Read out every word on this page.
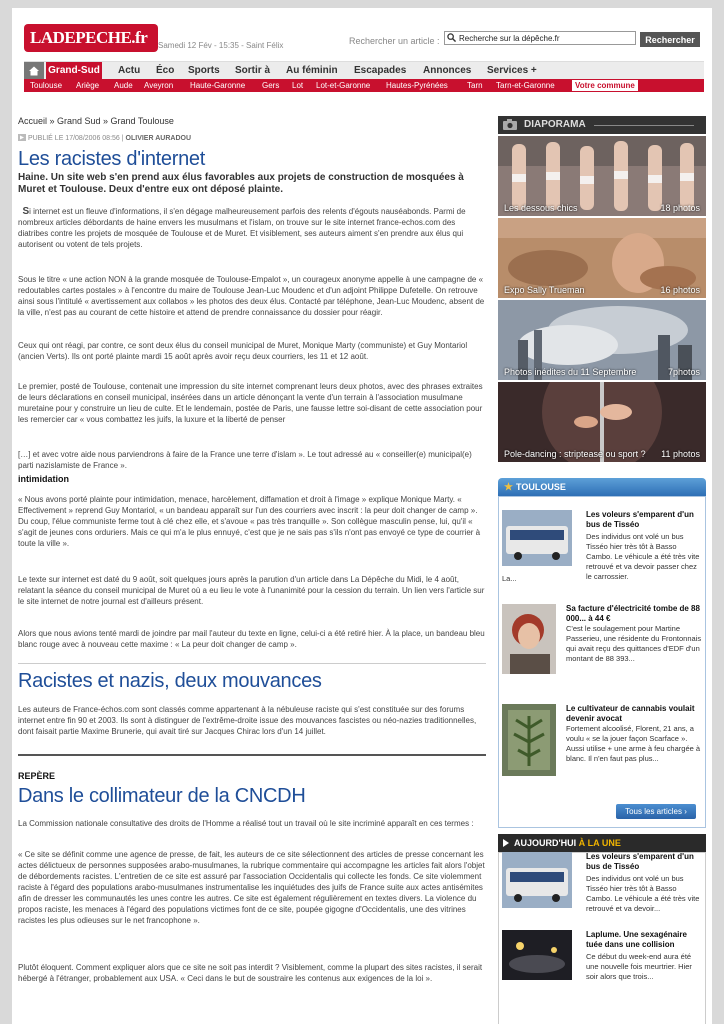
LADEPECHE.fr	Samedi 12 Fév - 15:35 - Saint Félix	Rechercher un article :
Recherche sur la dépêche.fr	Rechercher
Grand-Sud Actu Éco Sports Sortir à Au féminin Escapades Annonces Services +
Toulouse Ariège Aude Aveyron Haute-Garonne Gers Lot Lot-et-Garonne Hautes-Pyrénées Tarn Tarn-et-Garonne	Votre commune
Accueil » Grand Sud » Grand Toulouse
PUBLIÉ LE 17/08/2006 08:56 | OLIVIER AURADOU
Les racistes d'internet
Haine. Un site web s'en prend aux élus favorables aux projets de construction de mosquées à Muret et Toulouse. Deux d'entre eux ont déposé plainte.

Si internet est un fleuve d'informations, il s'en dégage malheureusement parfois des relents d'égouts nauséabonds. Parmi de nombreux articles débordants de haine envers les musulmans et l'islam, on trouve sur le site internet france-echos.com des diatribes contre les projets de mosquée de Toulouse et de Muret. Et visiblement, ses auteurs aiment s'en prendre aux élus qui autorisent ou votent de tels projets.

Sous le titre « une action NON à la grande mosquée de Toulouse-Empalot », un courageux anonyme appelle à une campagne de « redoutables cartes postales » à l'encontre du maire de Toulouse Jean-Luc Moudenc et d'un adjoint Philippe Dufetelle. On retrouve ainsi sous l'intitulé « avertissement aux collabos » les photos des deux élus. Contacté par téléphone, Jean-Luc Moudenc, absent de la ville, n'est pas au courant de cette histoire et attend de prendre connaissance du dossier pour réagir.

Ceux qui ont réagi, par contre, ce sont deux élus du conseil municipal de Muret, Monique Marty (communiste) et Guy Montariol (ancien Verts). Ils ont porté plainte mardi 15 août après avoir reçu deux courriers, les 11 et 12 août.

Le premier, posté de Toulouse, contenait une impression du site internet comprenant leurs deux photos, avec des phrases extraites de leurs déclarations en conseil municipal, insérées dans un article dénonçant la vente d'un terrain à l'association musulmane muretaine pour y construire un lieu de culte. Et le lendemain, postée de Paris, une fausse lettre soi-disant de cette association pour les remercier car « vous combattez les juifs, la luxure et la liberté de penser

[…] et avec votre aide nous parviendrons à faire de la France une terre d'islam ». Le tout adressé au « conseiller(e) municipal(e) parti nazislamiste de France ».

intimidation

« Nous avons porté plainte pour intimidation, menace, harcèlement, diffamation et droit à l'image » explique Monique Marty. « Effectivement » reprend Guy Montariol, « un bandeau apparaît sur l'un des courriers avec inscrit : la peur doit changer de camp ». Du coup, l'élue communiste ferme tout à clé chez elle, et s'avoue « pas très tranquille ». Son collègue masculin pense, lui, qu'il « s'agit de jeunes cons orduriers. Mais ce qui m'a le plus ennuyé, c'est que je ne sais pas s'ils n'ont pas envoyé ce type de courrier à toute la ville ».

Le texte sur internet est daté du 9 août, soit quelques jours après la parution d'un article dans La Dépêche du Midi, le 4 août, relatant la séance du conseil municipal de Muret où a eu lieu le vote à l'unanimité pour la cession du terrain. Un lien vers l'article sur le site internet de notre journal est d'ailleurs présent.

Alors que nous avions tenté mardi de joindre par mail l'auteur du texte en ligne, celui-ci a été retiré hier. À la place, un bandeau bleu blanc rouge avec à nouveau cette maxime : « La peur doit changer de camp ».

Racistes et nazis, deux mouvances

Les auteurs de France-échos.com sont classés comme appartenant à la nébuleuse raciste qui s'est constituée sur des forums internet entre fin 90 et 2003. Ils sont à distinguer de l'extrême-droite issue des mouvances fascistes ou néo-nazies traditionnelles, dont faisait partie Maxime Brunerie, qui avait tiré sur Jacques Chirac lors d'un 14 juillet.

REPÈRE
Dans le collimateur de la CNCDH

La Commission nationale consultative des droits de l'Homme a réalisé tout un travail où le site incriminé apparaît en ces termes :

« Ce site se définit comme une agence de presse, de fait, les auteurs de ce site sélectionnent des articles de presse concernant les actes délictueux de personnes supposées arabo-musulmanes, la rubrique commentaire qui accompagne les articles fait alors l'objet de débordements racistes. L'entretien de ce site est assuré par l'association Occidentalis qui collecte les fonds. Ce site violemment raciste à l'égard des populations arabo-musulmanes instrumentalise les inquiétudes des juifs de France suite aux actes antisémites afin de dresser les communautés les unes contre les autres. Ce site est également régulièrement en textes divers. La violence du propos raciste, les menaces à l'égard des populations victimes font de ce site, poupée gigogne d'Occidentalis, une des vitrines racistes les plus odieuses sur le net francophone ».

Plutôt éloquent. Comment expliquer alors que ce site ne soit pas interdit ? Visiblement, comme la plupart des sites racistes, il serait hébergé à l'étranger, probablement aux USA. « Ceci dans le but de soustraire les contenus aux exigences de la loi ».

DIAPORAMA
Les dessous chics	18 photos
Expo Sally Trueman	16 photos
Photos inédites du 11 Septembre	7photos
Pole-dancing : striptease ou sport ? 11 photos
TOULOUSE
Les voleurs s'emparent d'un bus de Tisséo
Des individus ont volé un bus Tisséo hier très tôt à Basso Cambo. Le véhicule a été très vite retrouvé et va devoir passer chez le carrossier.
La...
Sa facture d'électricité tombe de 88 000... à 44 €
C'est le soulagement pour Martine Passerieu, une résidente du Frontonnais qui avait reçu des quittances d'EDF d'un montant de 88 393...
Le cultivateur de cannabis voulait devenir avocat
Fortement alcoolisé, Florent, 21 ans, a voulu « se la jouer façon Scarface ». Aussi utilise + une arme à feu chargée à blanc. Il n'en faut pas plus...
Tous les articles ›
AUJOURD'HUI À LA UNE
Les voleurs s'emparent d'un bus de Tisséo
Des individus ont volé un bus Tisséo hier très tôt à Basso Cambo. Le véhicule a été très vite retrouvé et va devoir...
Laplume. Une sexagénaire tuée dans une collision
Ce début du week-end aura été une nouvelle fois meurtrier. Hier soir alors que trois...
